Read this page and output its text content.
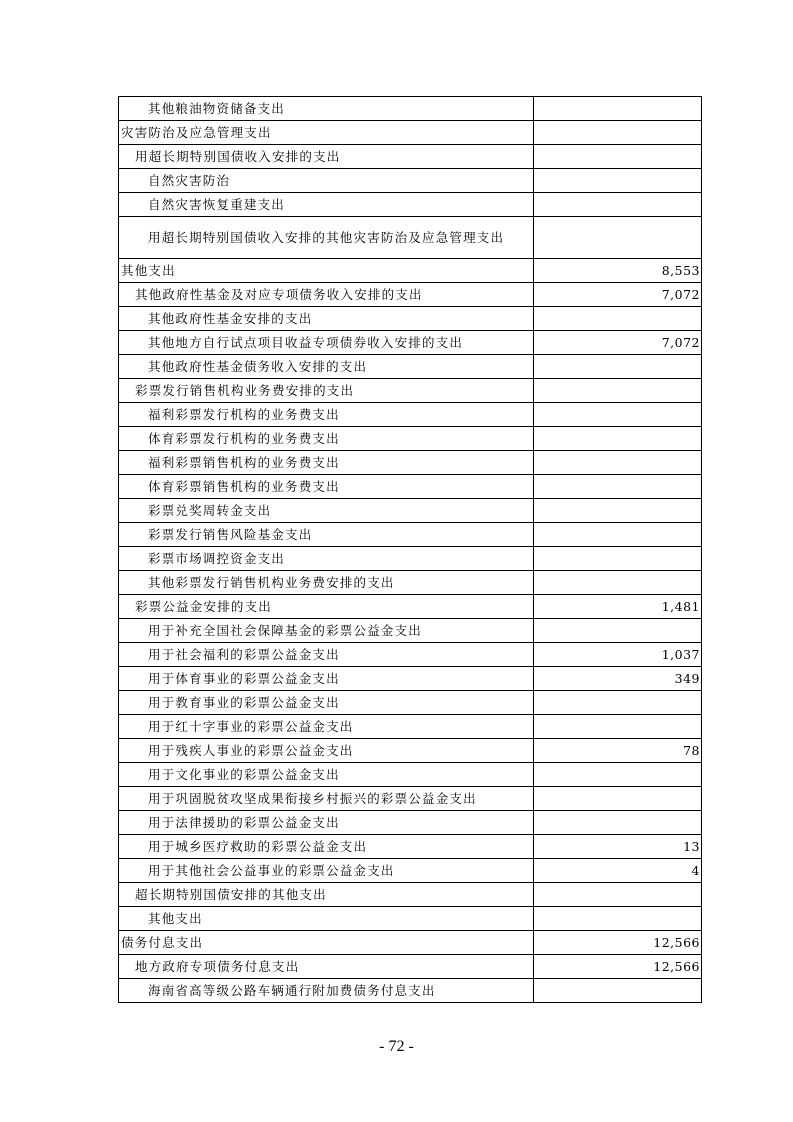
其他粮油物资储备支出	
灾害防治及应急管理支出	
用超长期特别国债收入安排的支出	
自然灾害防治	
自然灾害恢复重建支出	
用超长期特别国债收入安排的其他灾害防治及应急管理支出	
其他支出	8,553
其他政府性基金及对应专项债务收入安排的支出	7,072
其他政府性基金安排的支出	
其他地方自行试点项目收益专项债券收入安排的支出	7,072
其他政府性基金债务收入安排的支出	
彩票发行销售机构业务费安排的支出	
福利彩票发行机构的业务费支出	
体育彩票发行机构的业务费支出	
福利彩票销售机构的业务费支出	
体育彩票销售机构的业务费支出	
彩票兑奖周转金支出	
彩票发行销售风险基金支出	
彩票市场调控资金支出	
其他彩票发行销售机构业务费安排的支出	
彩票公益金安排的支出	1,481
用于补充全国社会保障基金的彩票公益金支出	
用于社会福利的彩票公益金支出	1,037
用于体育事业的彩票公益金支出	349
用于教育事业的彩票公益金支出	
用于红十字事业的彩票公益金支出	
用于残疾人事业的彩票公益金支出	78
用于文化事业的彩票公益金支出	
用于巩固脱贫攻坚成果衔接乡村振兴的彩票公益金支出	
用于法律援助的彩票公益金支出	
用于城乡医疗救助的彩票公益金支出	13
用于其他社会公益事业的彩票公益金支出	4
超长期特别国债安排的其他支出	
其他支出	
债务付息支出	12,566
地方政府专项债务付息支出	12,566
海南省高等级公路车辆通行附加费债务付息支出	
- 72 -
